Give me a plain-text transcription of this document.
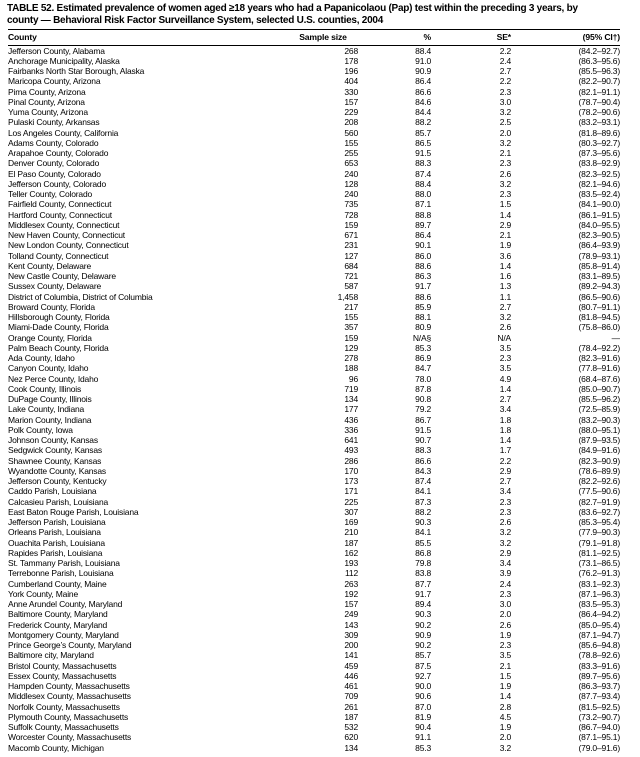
TABLE 52. Estimated prevalence of women aged ≥18 years who had a Papanicolaou (Pap) test within the preceding 3 years, by
county — Behavioral Risk Factor Surveillance System, selected U.S. counties, 2004
County	Sample size	%	SE*	(95% CI†)
Jefferson County, Alabama	268	88.4	2.2	(84.2–92.7)
Anchorage Municipality, Alaska	178	91.0	2.4	(86.3–95.6)
Fairbanks North Star Borough, Alaska	196	90.9	2.7	(85.5–96.3)
Maricopa County, Arizona	404	86.4	2.2	(82.2–90.7)
Pima County, Arizona	330	86.6	2.3	(82.1–91.1)
Pinal County, Arizona	157	84.6	3.0	(78.7–90.4)
Yuma County, Arizona	229	84.4	3.2	(78.2–90.6)
Pulaski County, Arkansas	208	88.2	2.5	(83.2–93.1)
Los Angeles County, California	560	85.7	2.0	(81.8–89.6)
Adams County, Colorado	155	86.5	3.2	(80.3–92.7)
Arapahoe County, Colorado	255	91.5	2.1	(87.3–95.6)
Denver County, Colorado	653	88.3	2.3	(83.8–92.9)
El Paso County, Colorado	240	87.4	2.6	(82.3–92.5)
Jefferson County, Colorado	128	88.4	3.2	(82.1–94.6)
Teller County, Colorado	240	88.0	2.3	(83.5–92.4)
Fairfield County, Connecticut	735	87.1	1.5	(84.1–90.0)
Hartford County, Connecticut	728	88.8	1.4	(86.1–91.5)
Middlesex County, Connecticut	159	89.7	2.9	(84.0–95.5)
New Haven County, Connecticut	671	86.4	2.1	(82.3–90.5)
New London County, Connecticut	231	90.1	1.9	(86.4–93.9)
Tolland County, Connecticut	127	86.0	3.6	(78.9–93.1)
Kent County, Delaware	684	88.6	1.4	(85.8–91.4)
New Castle County, Delaware	721	86.3	1.6	(83.1–89.5)
Sussex County, Delaware	587	91.7	1.3	(89.2–94.3)
District of Columbia, District of Columbia	1,458	88.6	1.1	(86.5–90.6)
Broward County, Florida	217	85.9	2.7	(80.7–91.1)
Hillsborough County, Florida	155	88.1	3.2	(81.8–94.5)
Miami-Dade County, Florida	357	80.9	2.6	(75.8–86.0)
Orange County, Florida	159	N/A§	N/A	—
Palm Beach County, Florida	129	85.3	3.5	(78.4–92.2)
Ada County, Idaho	278	86.9	2.3	(82.3–91.6)
Canyon County, Idaho	188	84.7	3.5	(77.8–91.6)
Nez Perce County, Idaho	96	78.0	4.9	(68.4–87.6)
Cook County, Illinois	719	87.8	1.4	(85.0–90.7)
DuPage County, Illinois	134	90.8	2.7	(85.5–96.2)
Lake County, Indiana	177	79.2	3.4	(72.5–85.9)
Marion County, Indiana	436	86.7	1.8	(83.2–90.3)
Polk County, Iowa	336	91.5	1.8	(88.0–95.1)
Johnson County, Kansas	641	90.7	1.4	(87.9–93.5)
Sedgwick County, Kansas	493	88.3	1.7	(84.9–91.6)
Shawnee County, Kansas	286	86.6	2.2	(82.3–90.9)
Wyandotte County, Kansas	170	84.3	2.9	(78.6–89.9)
Jefferson County, Kentucky	173	87.4	2.7	(82.2–92.6)
Caddo Parish, Louisiana	171	84.1	3.4	(77.5–90.6)
Calcasieu Parish, Louisiana	225	87.3	2.3	(82.7–91.9)
East Baton Rouge Parish, Louisiana	307	88.2	2.3	(83.6–92.7)
Jefferson Parish, Louisiana	169	90.3	2.6	(85.3–95.4)
Orleans Parish, Louisiana	210	84.1	3.2	(77.9–90.3)
Ouachita Parish, Louisiana	187	85.5	3.2	(79.1–91.8)
Rapides Parish, Louisiana	162	86.8	2.9	(81.1–92.5)
St. Tammany Parish, Louisiana	193	79.8	3.4	(73.1–86.5)
Terrebonne Parish, Louisiana	112	83.8	3.9	(76.2–91.3)
Cumberland County, Maine	263	87.7	2.4	(83.1–92.3)
York County, Maine	192	91.7	2.3	(87.1–96.3)
Anne Arundel County, Maryland	157	89.4	3.0	(83.5–95.3)
Baltimore County, Maryland	249	90.3	2.0	(86.4–94.2)
Frederick County, Maryland	143	90.2	2.6	(85.0–95.4)
Montgomery County, Maryland	309	90.9	1.9	(87.1–94.7)
Prince George’s County, Maryland	200	90.2	2.3	(85.6–94.8)
Baltimore city, Maryland	141	85.7	3.5	(78.8–92.6)
Bristol County, Massachusetts	459	87.5	2.1	(83.3–91.6)
Essex County, Massachusetts	446	92.7	1.5	(89.7–95.6)
Hampden County, Massachusetts	461	90.0	1.9	(86.3–93.7)
Middlesex County, Massachusetts	709	90.6	1.4	(87.7–93.4)
Norfolk County, Massachusetts	261	87.0	2.8	(81.5–92.5)
Plymouth County, Massachusetts	187	81.9	4.5	(73.2–90.7)
Suffolk County, Massachusetts	532	90.4	1.9	(86.7–94.0)
Worcester County, Massachusetts	620	91.1	2.0	(87.1–95.1)
Macomb County, Michigan	134	85.3	3.2	(79.0–91.6)
